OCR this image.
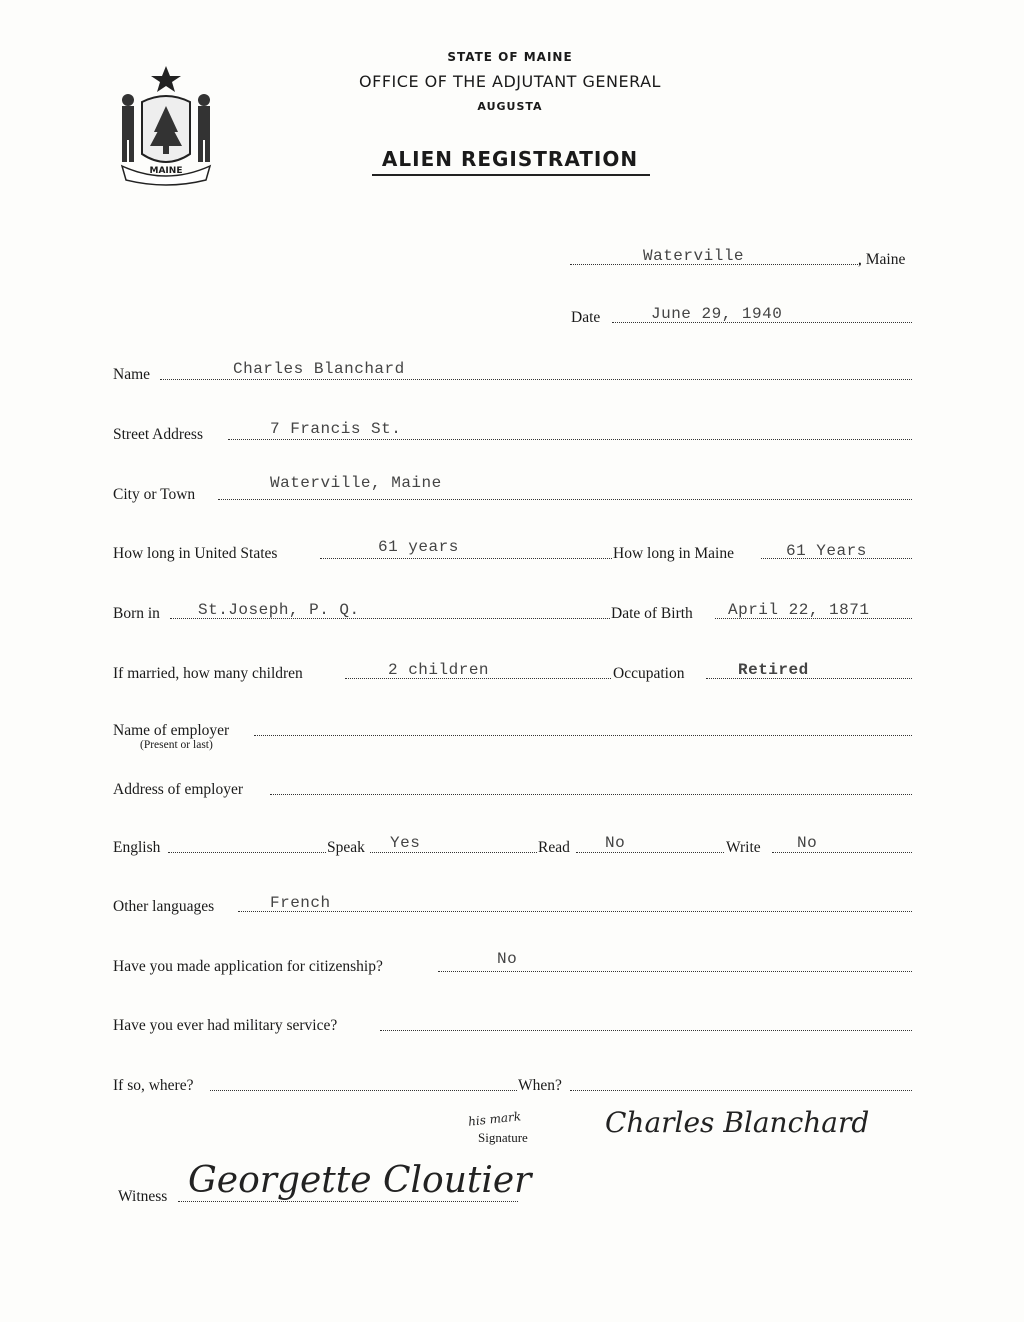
MAINE
STATE OF MAINE
OFFICE OF THE ADJUTANT GENERAL
AUGUSTA
ALIEN REGISTRATION
Waterville	, Maine
Date	June 29, 1940
Name	Charles Blanchard
Street Address	7 Francis St.
City or Town
Waterville, Maine
How long in United States	61 years	How long in Maine	61 Years
Born in St.Joseph, P. Q.	Date of Birth April 22, 1871
If married, how many children	2 children	Occupation	Retired
Name of employer
(Present or last)
Address of employer
English	Speak Yes	Read No	Write No
Other languages	French
Have you made application for citizenship?	No
Have you ever had military service?
If so, where?	When?
his mark
Signature	Charles Blanchard
Witness Georgette Cloutier
